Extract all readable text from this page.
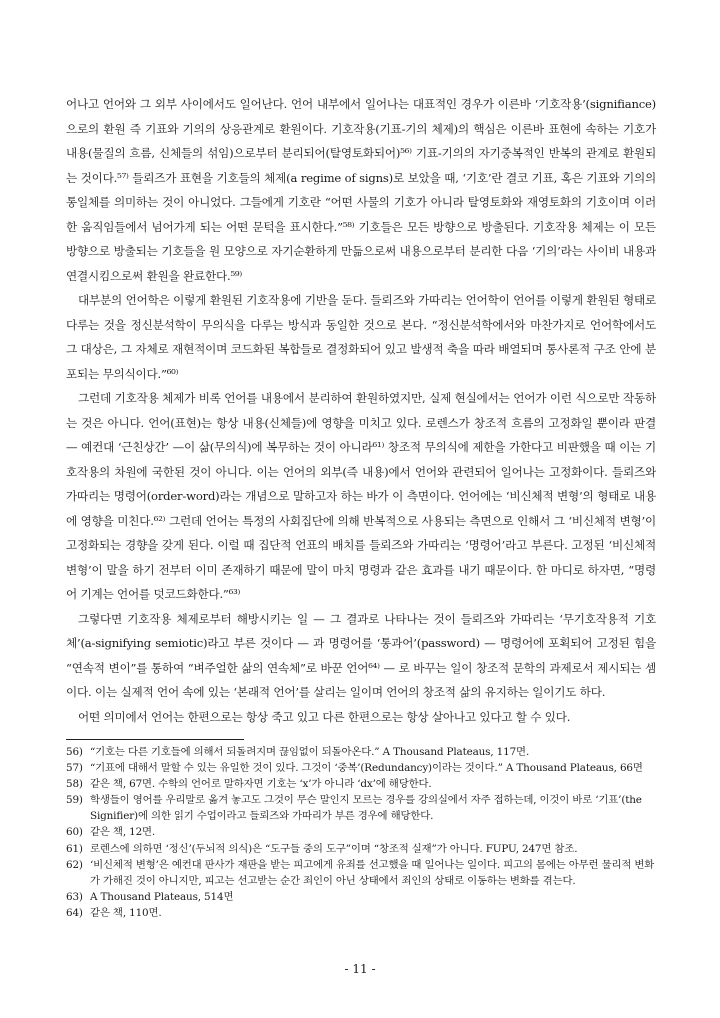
어나고 언어와 그 외부 사이에서도 일어난다. 언어 내부에서 일어나는 대표적인 경우가 이른바 ‘기호작용’(signifiance)으로의 환원 즉 기표와 기의의 상응관계로 환원이다. 기호작용(기표-기의 체제)의 핵심은 이른바 표현에 속하는 기호가 내용(물질의 흐름, 신체들의 섞임)으로부터 분리되어(탈영토화되어)⁵⁶⁾ 기표-기의의 자기중복적인 반복의 관계로 환원되는 것이다.⁵⁷⁾ 들뢰즈가 표현을 기호들의 체제(a regime of signs)로 보았을 때, ‘기호’란 결코 기표, 혹은 기표와 기의의 통일체를 의미하는 것이 아니었다. 그들에게 기호란 “어떤 사물의 기호가 아니라 탈영토화와 재영토화의 기호이며 이러한 움직임들에서 넘어가게 되는 어떤 문턱을 표시한다.”⁵⁸⁾ 기호들은 모든 방향으로 방출된다. 기호작용 체제는 이 모든 방향으로 방출되는 기호들을 원 모양으로 자기순환하게 만듦으로써 내용으로부터 분리한 다음 ‘기의’라는 사이비 내용과 연결시킴으로써 환원을 완료한다.⁵⁹⁾

대부분의 언어학은 이렇게 환원된 기호작용에 기반을 둔다. 들뢰즈와 가따리는 언어학이 언어를 이렇게 환원된 형태로 다루는 것을 정신분석학이 무의식을 다루는 방식과 동일한 것으로 본다. “정신분석학에서와 마찬가지로 언어학에서도 그 대상은, 그 자체로 재현적이며 코드화된 복합들로 결정화되어 있고 발생적 축을 따라 배열되며 통사론적 구조 안에 분포되는 무의식이다.”⁶⁰⁾

그런데 기호작용 체제가 비록 언어를 내용에서 분리하여 환원하였지만, 실제 현실에서는 언어가 이런 식으로만 작동하는 것은 아니다. 언어(표현)는 항상 내용(신체들)에 영향을 미치고 있다. 로렌스가 창조적 흐름의 고정화일 뿐이라 판결 — 예컨대 ‘근친상간’ —이 삶(무의식)에 복무하는 것이 아니라⁶¹⁾ 창조적 무의식에 제한을 가한다고 비판했을 때 이는 기호작용의 차원에 국한된 것이 아니다. 이는 언어의 외부(즉 내용)에서 언어와 관련되어 일어나는 고정화이다. 들뢰즈와 가따리는 명령어(order-word)라는 개념으로 말하고자 하는 바가 이 측면이다. 언어에는 ‘비신체적 변형’의 형태로 내용에 영향을 미친다.⁶²⁾ 그런데 언어는 특정의 사회집단에 의해 반복적으로 사용되는 측면으로 인해서 그 ‘비신체적 변형’이 고정화되는 경향을 갖게 된다. 이럴 때 집단적 언표의 배치를 들뢰즈와 가따리는 ‘명령어’라고 부른다. 고정된 ‘비신체적 변형’이 말을 하기 전부터 이미 존재하기 때문에 말이 마치 명령과 같은 효과를 내기 때문이다. 한 마디로 하자면, “명령어 기계는 언어를 덧코드화한다.”⁶³⁾

그렇다면 기호작용 체제로부터 해방시키는 일 — 그 결과로 나타나는 것이 들뢰즈와 가따리는 ‘무기호작용적 기호체’(a-signifying semiotic)라고 부른 것이다 — 과 명령어를 ‘통과어’(password) — 명령어에 포획되어 고정된 힘을 “연속적 변이”를 통하여 “벼주얼한 삶의 연속체”로 바꾼 언어⁶⁴⁾ — 로 바꾸는 일이 창조적 문학의 과제로서 제시되는 셈이다. 이는 실제적 언어 속에 있는 ‘본래적 언어’를 살리는 일이며 언어의 창조적 삶의 유지하는 일이기도 하다.

어떤 의미에서 언어는 한편으로는 항상 죽고 있고 다른 한편으로는 항상 살아나고 있다고 할 수 있다.

56) “기호는 다른 기호들에 의해서 되돌려지며 끊임없이 되돌아온다.” A Thousand Plateaus, 117면.
57) “기표에 대해서 말할 수 있는 유일한 것이 있다. 그것이 ‘중복’(Redundancy)이라는 것이다.” A Thousand Plateaus, 66면
58) 같은 책, 67면. 수학의 언어로 말하자면 기호는 ‘x’가 아니라 ‘dx’에 해당한다.
59) 학생들이 영어를 우리말로 옮겨 놓고도 그것이 무슨 말인지 모르는 경우를 강의실에서 자주 접하는데, 이것이 바로 ‘기표’(the Signifier)에 의한 읽기 수업이라고 들뢰즈와 가따리가 부른 경우에 해당한다.
60) 같은 책, 12면.
61) 로렌스에 의하면 ‘정신’(두뇌적 의식)은 “도구들 중의 도구”이며 “창조적 실재”가 아니다. FUPU, 247면 참조.
62) ‘비신체적 변형’은 예컨대 판사가 재판을 받는 피고에게 유죄를 선고했을 때 일어나는 일이다. 피고의 몸에는 아무런 물리적 변화가 가해진 것이 아니지만, 피고는 선고받는 순간 죄인이 아닌 상태에서 죄인의 상태로 이동하는 변화를 겪는다.
63) A Thousand Plateaus, 514면
64) 같은 책, 110면.
- 11 -
